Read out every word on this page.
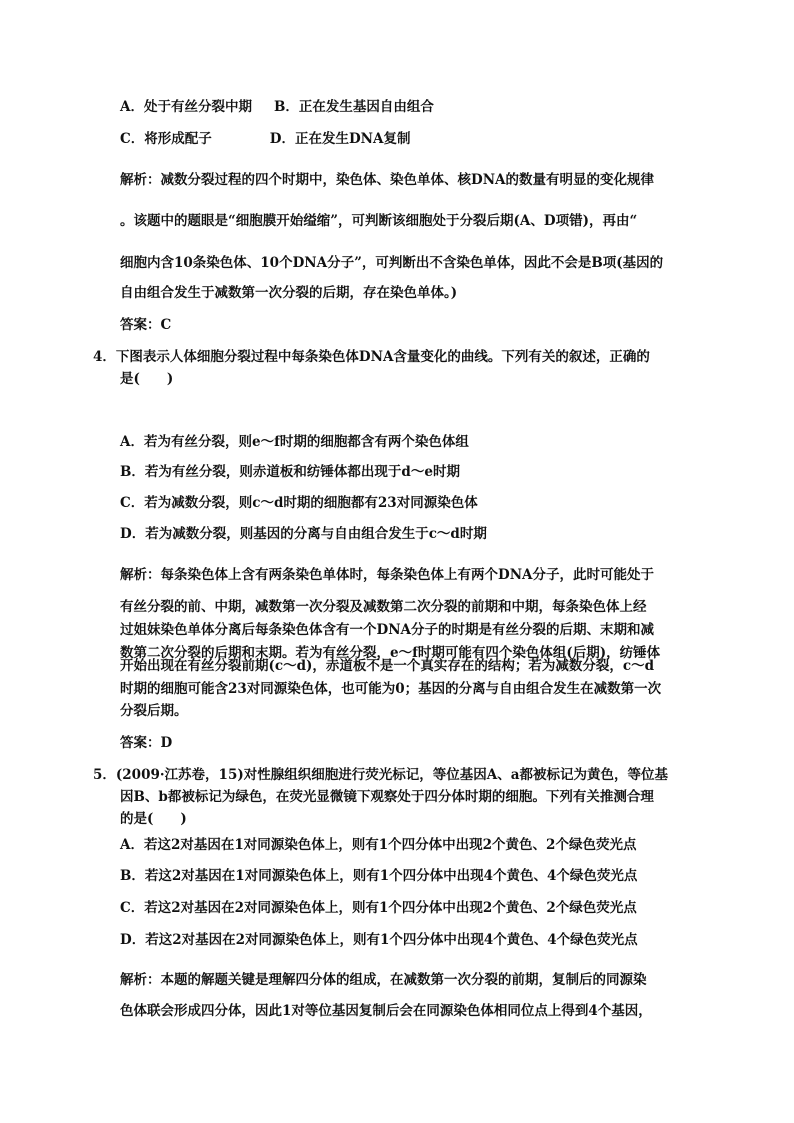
A．处于有丝分裂中期 B．正在发生基因自由组合
C．将形成配子	D．正在发生DNA复制
解析：减数分裂过程的四个时期中，染色体、染色单体、核DNA的数量有明显的变化规律
。该题中的题眼是“细胞膜开始缢缩”，可判断该细胞处于分裂后期(A、D项错)，再由“
细胞内含10条染色体、10个DNA分子”，可判断出不含染色单体，因此不会是B项(基因的
自由组合发生于减数第一次分裂的后期，存在染色单体。)
答案：C
4．下图表示人体细胞分裂过程中每条染色体DNA含量变化的曲线。下列有关的叙述，正确的
是(　　)
A．若为有丝分裂，则e～f时期的细胞都含有两个染色体组
B．若为有丝分裂，则赤道板和纺锤体都出现于d～e时期
C．若为减数分裂，则c～d时期的细胞都有23对同源染色体
D．若为减数分裂，则基因的分离与自由组合发生于c～d时期
解析：每条染色体上含有两条染色单体时，每条染色体上有两个DNA分子，此时可能处于
有丝分裂的前、中期，减数第一次分裂及减数第二次分裂的前期和中期，每条染色体上经
过姐妹染色单体分离后每条染色体含有一个DNA分子的时期是有丝分裂的后期、末期和减
数第二次分裂的后期和末期。若为有丝分裂，e～f时期可能有四个染色体组(后期)，纺锤体
开始出现在有丝分裂前期(c～d)，赤道板不是一个真实存在的结构；若为减数分裂，c～d
时期的细胞可能含23对同源染色体，也可能为0；基因的分离与自由组合发生在减数第一次
分裂后期。
答案：D
5．(2009·江苏卷，15)对性腺组织细胞进行荧光标记，等位基因A、a都被标记为黄色，等位基
因B、b都被标记为绿色，在荧光显微镜下观察处于四分体时期的细胞。下列有关推测合理
的是(　　)
A．若这2对基因在1对同源染色体上，则有1个四分体中出现2个黄色、2个绿色荧光点
B．若这2对基因在1对同源染色体上，则有1个四分体中出现4个黄色、4个绿色荧光点
C．若这2对基因在2对同源染色体上，则有1个四分体中出现2个黄色、2个绿色荧光点
D．若这2对基因在2对同源染色体上，则有1个四分体中出现4个黄色、4个绿色荧光点
解析：本题的解题关键是理解四分体的组成，在减数第一次分裂的前期，复制后的同源染
色体联会形成四分体，因此1对等位基因复制后会在同源染色体相同位点上得到4个基因，
